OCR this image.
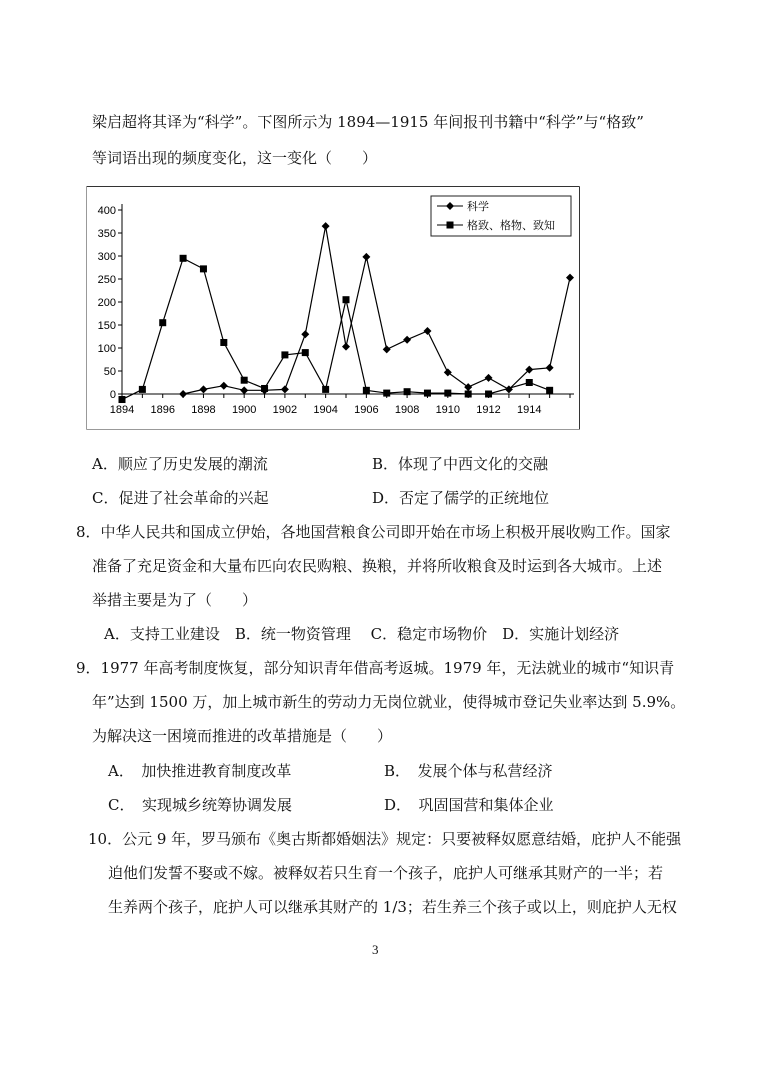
梁启超将其译为“科学”。下图所示为 1894—1915 年间报刊书籍中“科学”与“格致”
等词语出现的频度变化，这一变化（　　）
400
350
300
250
200
150
100
50
0
1894 1896 1898 1900 1902 1904 1906 1908 1910 1912 1914
科学
格致、格物、致知
A．顺应了历史发展的潮流	B．体现了中西文化的交融
C．促进了社会革命的兴起	D．否定了儒学的正统地位
8．中华人民共和国成立伊始，各地国营粮食公司即开始在市场上积极开展收购工作。国家
准备了充足资金和大量布匹向农民购粮、换粮，并将所收粮食及时运到各大城市。上述
举措主要是为了（　　）
A．支持工业建设　B．统一物资管理　 C．稳定市场物价　D．实施计划经济
9．1977 年高考制度恢复，部分知识青年借高考返城。1979 年，无法就业的城市“知识青
年”达到 1500 万，加上城市新生的劳动力无岗位就业，使得城市登记失业率达到 5.9%。
为解决这一困境而推进的改革措施是（　　）
A．　加快推进教育制度改革	B．　发展个体与私营经济
C．　实现城乡统筹协调发展	D．　巩固国营和集体企业
10．公元 9 年，罗马颁布《奥古斯都婚姻法》规定：只要被释奴愿意结婚，庇护人不能强
迫他们发誓不娶或不嫁。被释奴若只生育一个孩子，庇护人可继承其财产的一半；若
生养两个孩子，庇护人可以继承其财产的 1/3；若生养三个孩子或以上，则庇护人无权
3
